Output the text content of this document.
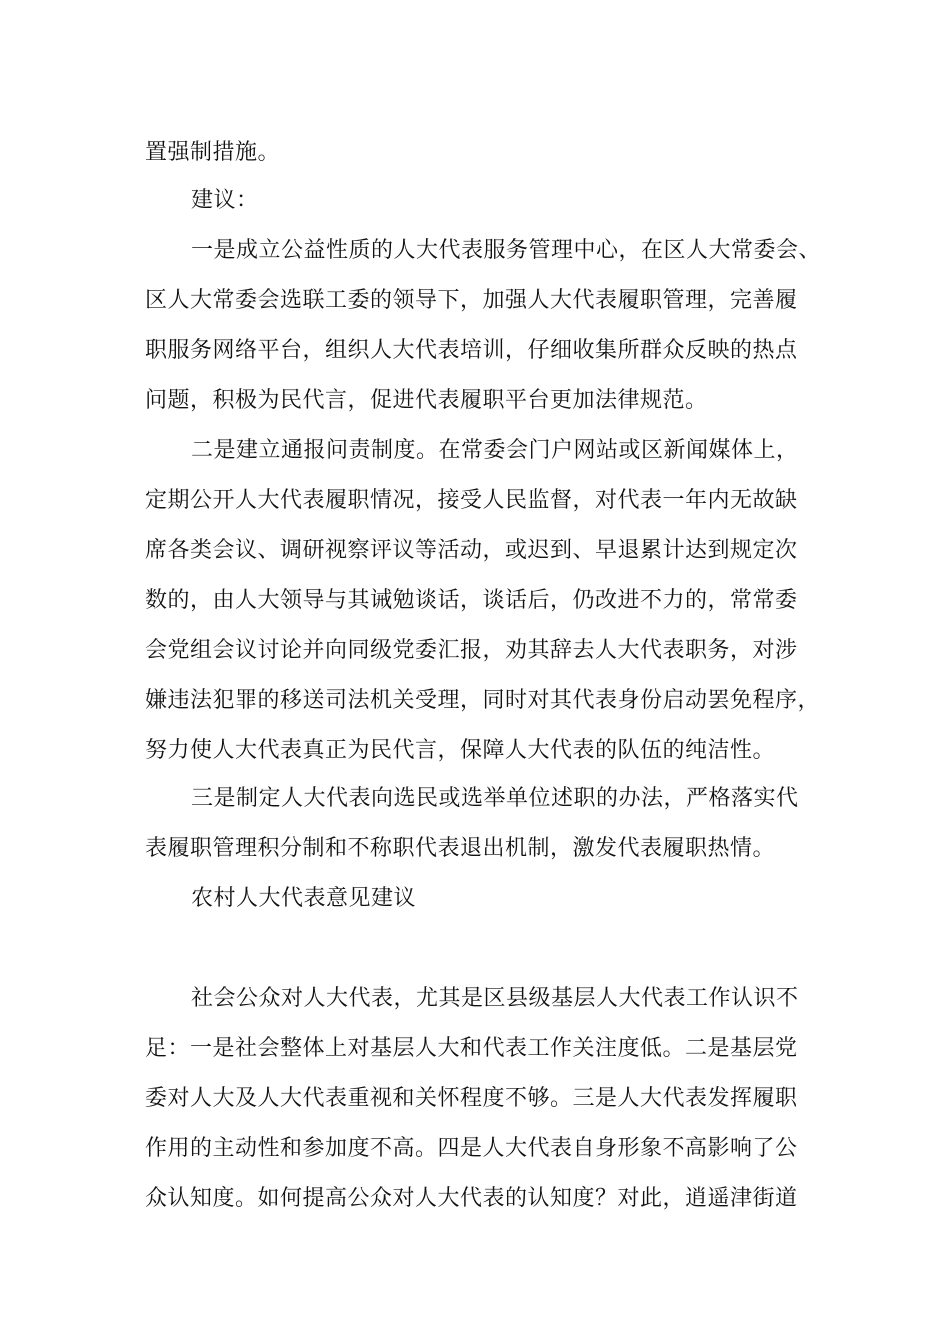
置强制措施。

建议：

一是成立公益性质的人大代表服务管理中心，在区人大常委会、
区人大常委会选联工委的领导下，加强人大代表履职管理，完善履
职服务网络平台，组织人大代表培训，仔细收集所群众反映的热点
问题，积极为民代言，促进代表履职平台更加法律规范。

二是建立通报问责制度。在常委会门户网站或区新闻媒体上，
定期公开人大代表履职情况，接受人民监督，对代表一年内无故缺
席各类会议、调研视察评议等活动，或迟到、早退累计达到规定次
数的，由人大领导与其诫勉谈话，谈话后，仍改进不力的，常常委
会党组会议讨论并向同级党委汇报，劝其辞去人大代表职务，对涉
嫌违法犯罪的移送司法机关受理，同时对其代表身份启动罢免程序，
努力使人大代表真正为民代言，保障人大代表的队伍的纯洁性。

三是制定人大代表向选民或选举单位述职的办法，严格落实代
表履职管理积分制和不称职代表退出机制，激发代表履职热情。

农村人大代表意见建议

社会公众对人大代表，尤其是区县级基层人大代表工作认识不
足：一是社会整体上对基层人大和代表工作关注度低。二是基层党
委对人大及人大代表重视和关怀程度不够。三是人大代表发挥履职
作用的主动性和参加度不高。四是人大代表自身形象不高影响了公
众认知度。如何提高公众对人大代表的认知度？对此，逍遥津街道
